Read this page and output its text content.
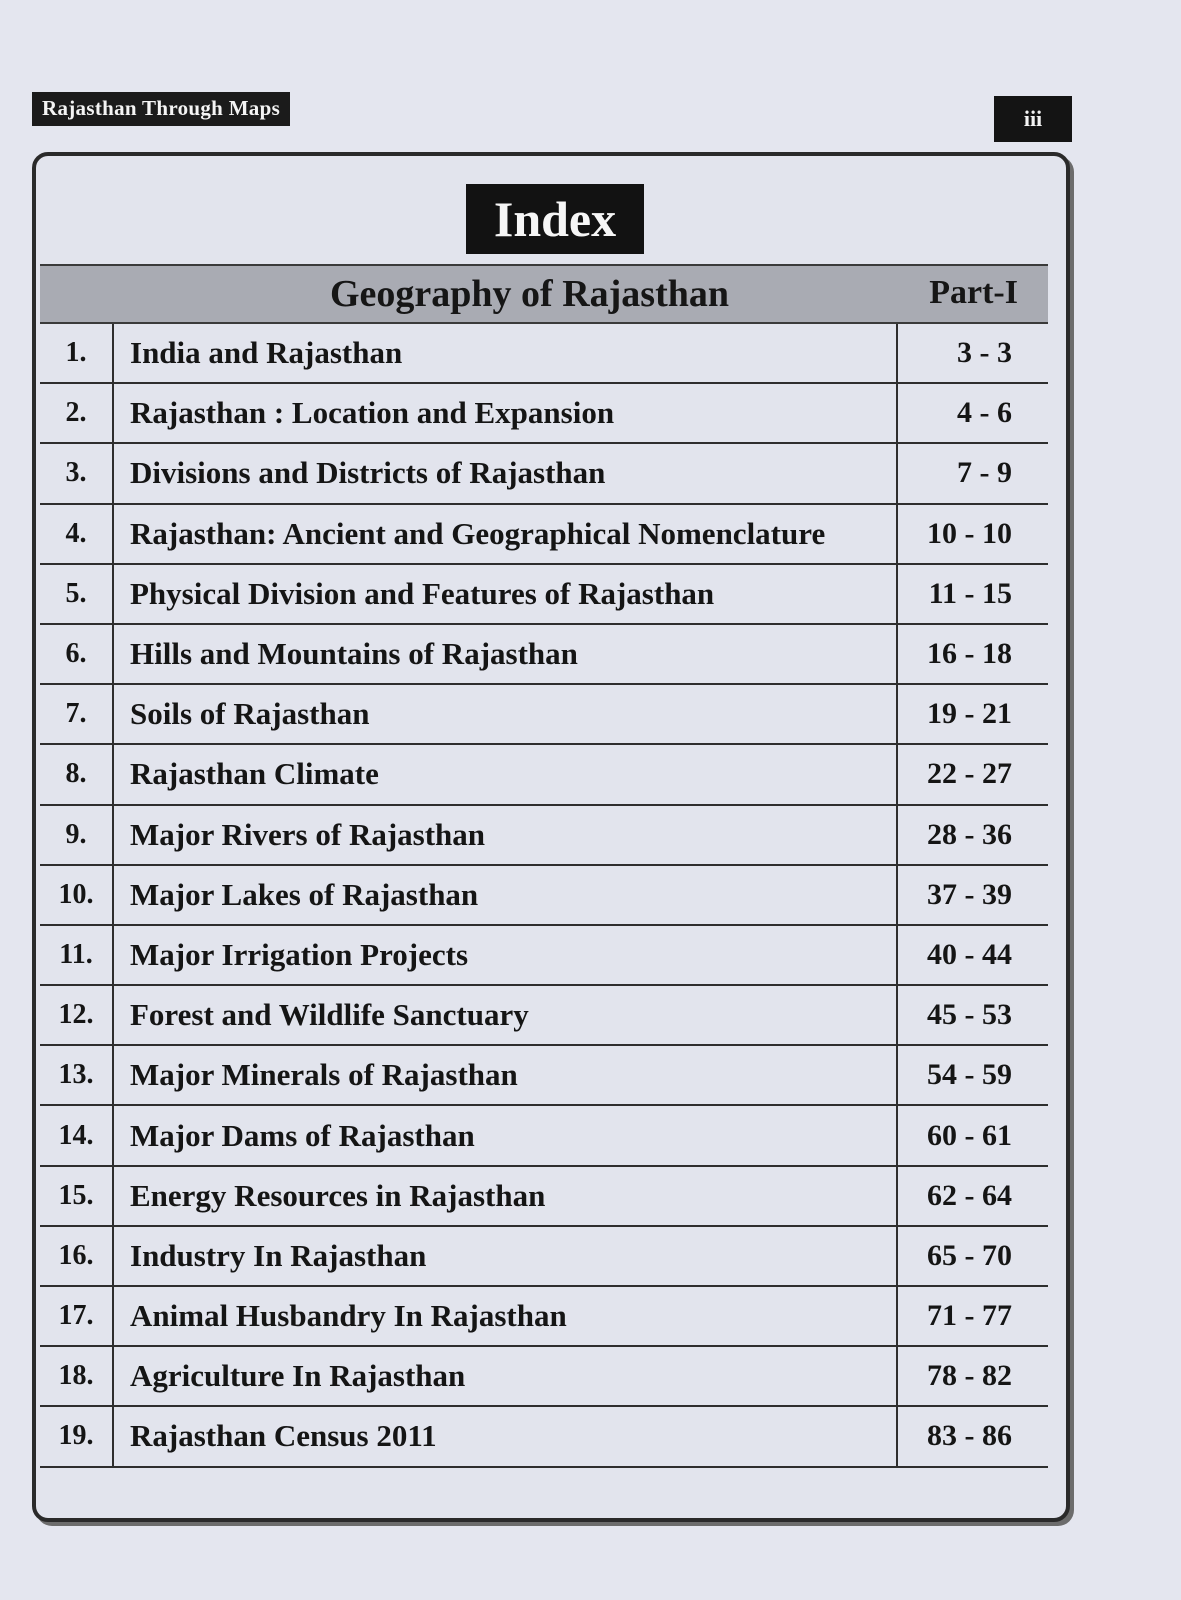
Rajasthan Through Maps	iii
Index
Geography of Rajasthan	Part-I
1.	India and Rajasthan	3 - 3
2.	Rajasthan : Location and Expansion	4 - 6
3.	Divisions and Districts of Rajasthan	7 - 9
4.	Rajasthan: Ancient and Geographical Nomenclature	10 - 10
5.	Physical Division and Features of Rajasthan	11 - 15
6.	Hills and Mountains of Rajasthan	16 - 18
7.	Soils of Rajasthan	19 - 21
8.	Rajasthan Climate	22 - 27
9.	Major Rivers of Rajasthan	28 - 36
10.	Major Lakes of Rajasthan	37 - 39
11.	Major Irrigation Projects	40 - 44
12.	Forest and Wildlife Sanctuary	45 - 53
13.	Major Minerals of Rajasthan	54 - 59
14.	Major Dams of Rajasthan	60 - 61
15.	Energy Resources in Rajasthan	62 - 64
16.	Industry In Rajasthan	65 - 70
17.	Animal Husbandry In Rajasthan	71 - 77
18.	Agriculture In Rajasthan	78 - 82
19.	Rajasthan Census 2011	83 - 86
